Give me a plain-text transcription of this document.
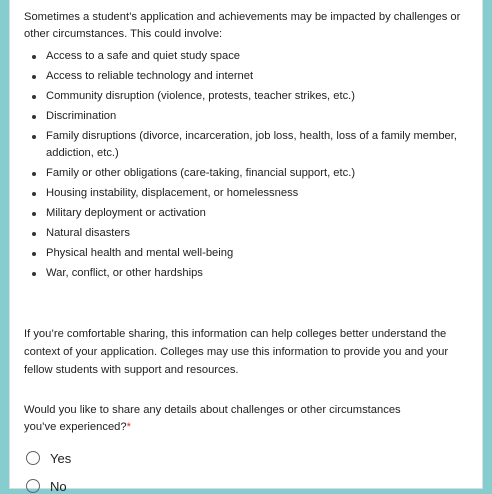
Sometimes a student’s application and achievements may be impacted by challenges or other circumstances. This could involve:

Access to a safe and quiet study space
Access to reliable technology and internet
Community disruption (violence, protests, teacher strikes, etc.)
Discrimination
Family disruptions (divorce, incarceration, job loss, health, loss of a family member, addiction, etc.)
Family or other obligations (care-taking, financial support, etc.)
Housing instability, displacement, or homelessness
Military deployment or activation
Natural disasters
Physical health and mental well-being
War, conflict, or other hardships

If you’re comfortable sharing, this information can help colleges better understand the context of your application. Colleges may use this information to provide you and your fellow students with support and resources.

Would you like to share any details about challenges or other circumstances
you’ve experienced?*

Yes
No
